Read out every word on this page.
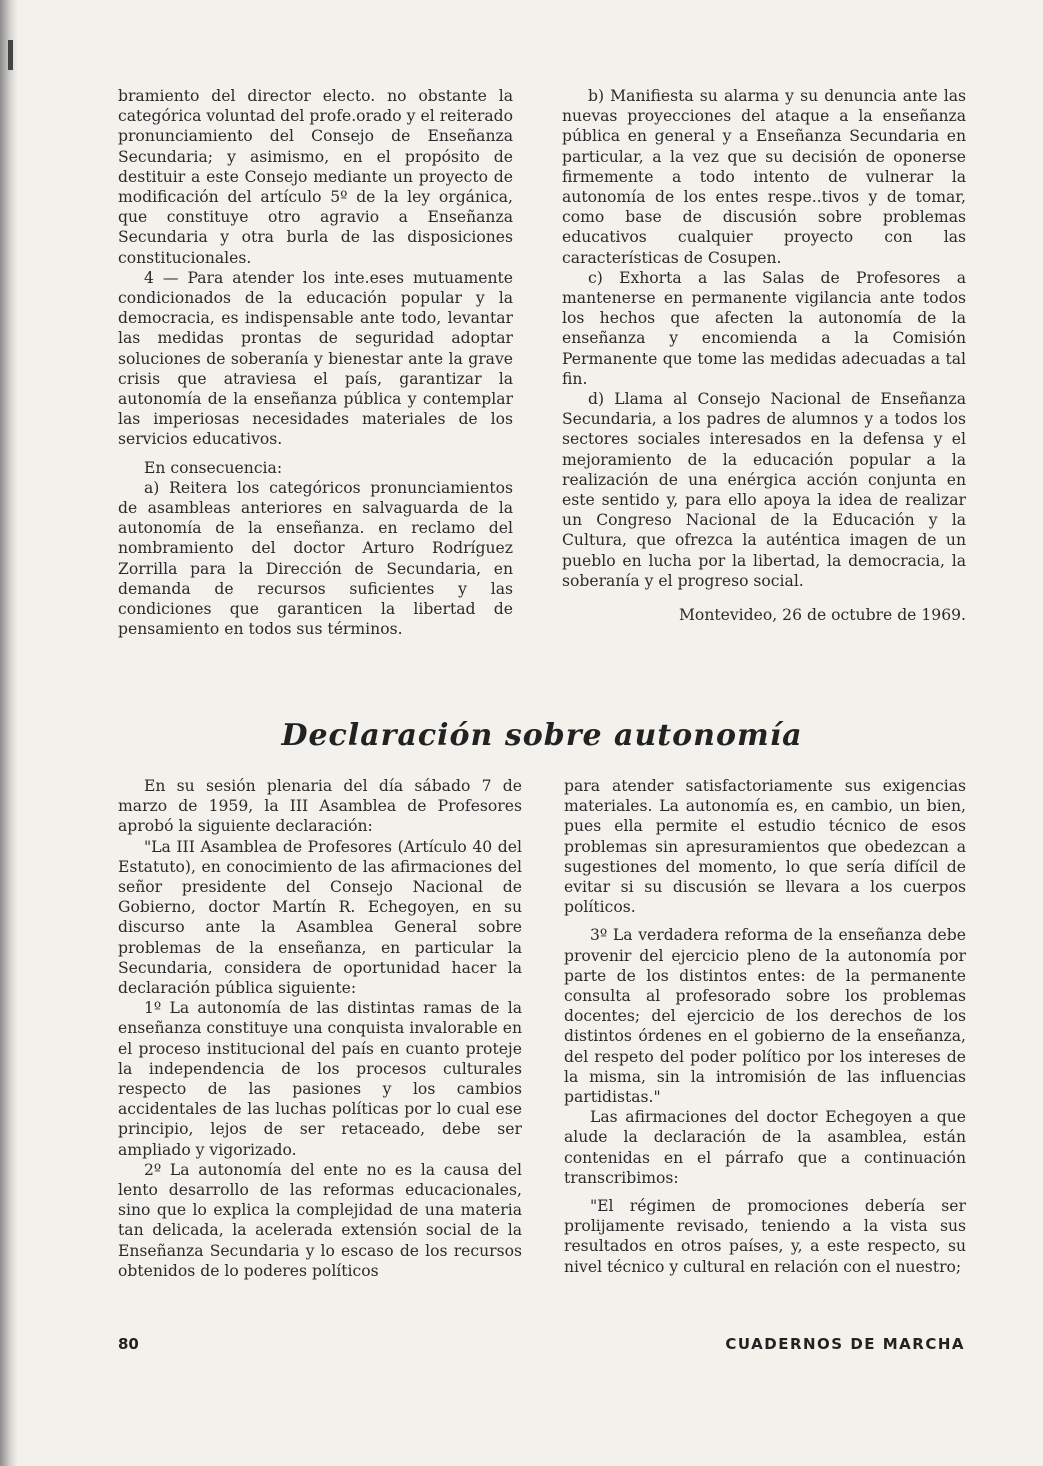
bramiento del director electo. no obstante la categórica voluntad del profe.orado y el reiterado pronunciamiento del Consejo de Enseñanza Secundaria; y asimismo, en el propósito de destituir a este Consejo mediante un proyecto de modificación del artículo 5º de la ley orgánica, que constituye otro agravio a Enseñanza Secundaria y otra burla de las disposiciones constitucionales.

4 — Para atender los inte.eses mutuamente condicionados de la educación popular y la democracia, es indispensable ante todo, levantar las medidas prontas de seguridad adoptar soluciones de soberanía y bienestar ante la grave crisis que atraviesa el país, garantizar la autonomía de la enseñanza pública y contemplar las imperiosas necesidades materiales de los servicios educativos.

En consecuencia:

a) Reitera los categóricos pronunciamientos de asambleas anteriores en salvaguarda de la autonomía de la enseñanza. en reclamo del nombramiento del doctor Arturo Rodríguez Zorrilla para la Dirección de Secundaria, en demanda de recursos suficientes y las condiciones que garanticen la libertad de pensamiento en todos sus términos.

b) Manifiesta su alarma y su denuncia ante las nuevas proyecciones del ataque a la enseñanza pública en general y a Enseñanza Secundaria en particular, a la vez que su decisión de oponerse firmemente a todo intento de vulnerar la autonomía de los entes respe..tivos y de tomar, como base de discusión sobre problemas educativos cualquier proyecto con las características de Cosupen.

c) Exhorta a las Salas de Profesores a mantenerse en permanente vigilancia ante todos los hechos que afecten la autonomía de la enseñanza y encomienda a la Comisión Permanente que tome las medidas adecuadas a tal fin.

d) Llama al Consejo Nacional de Enseñanza Secundaria, a los padres de alumnos y a todos los sectores sociales interesados en la defensa y el mejoramiento de la educación popular a la realización de una enérgica acción conjunta en este sentido y, para ello apoya la idea de realizar un Congreso Nacional de la Educación y la Cultura, que ofrezca la auténtica imagen de un pueblo en lucha por la libertad, la democracia, la soberanía y el progreso social.

Montevideo, 26 de octubre de 1969.

Declaración sobre autonomía

En su sesión plenaria del día sábado 7 de marzo de 1959, la III Asamblea de Profesores aprobó la siguiente declaración:

"La III Asamblea de Profesores (Artículo 40 del Estatuto), en conocimiento de las afirmaciones del señor presidente del Consejo Nacional de Gobierno, doctor Martín R. Echegoyen, en su discurso ante la Asamblea General sobre problemas de la enseñanza, en particular la Secundaria, considera de oportunidad hacer la declaración pública siguiente:

1º La autonomía de las distintas ramas de la enseñanza constituye una conquista invalorable en el proceso institucional del país en cuanto proteje la independencia de los procesos culturales respecto de las pasiones y los cambios accidentales de las luchas políticas por lo cual ese principio, lejos de ser retaceado, debe ser ampliado y vigorizado.

2º La autonomía del ente no es la causa del lento desarrollo de las reformas educacionales, sino que lo explica la complejidad de una materia tan delicada, la acelerada extensión social de la Enseñanza Secundaria y lo escaso de los recursos obtenidos de lo poderes políticos

para atender satisfactoriamente sus exigencias materiales. La autonomía es, en cambio, un bien, pues ella permite el estudio técnico de esos problemas sin apresuramientos que obedezcan a sugestiones del momento, lo que sería difícil de evitar si su discusión se llevara a los cuerpos políticos.

3º La verdadera reforma de la enseñanza debe provenir del ejercicio pleno de la autonomía por parte de los distintos entes: de la permanente consulta al profesorado sobre los problemas docentes; del ejercicio de los derechos de los distintos órdenes en el gobierno de la enseñanza, del respeto del poder político por los intereses de la misma, sin la intromisión de las influencias partidistas."

Las afirmaciones del doctor Echegoyen a que alude la declaración de la asamblea, están contenidas en el párrafo que a continuación transcribimos:

"El régimen de promociones debería ser prolijamente revisado, teniendo a la vista sus resultados en otros países, y, a este respecto, su nivel técnico y cultural en relación con el nuestro;

80	CUADERNOS DE MARCHA
